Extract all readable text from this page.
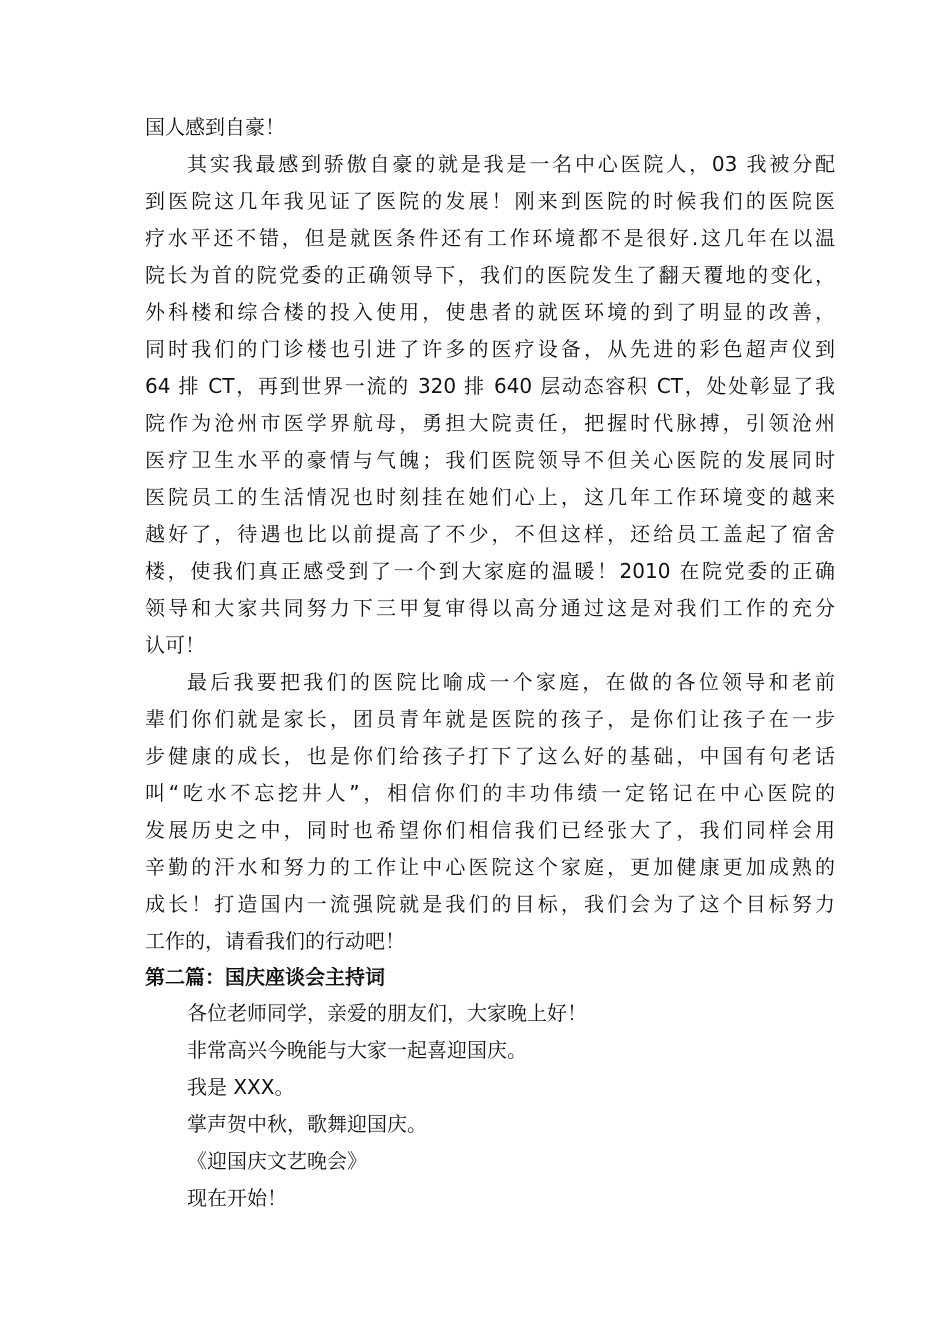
国人感到自豪！
其实我最感到骄傲自豪的就是我是一名中心医院人，03 我被分配
到医院这几年我见证了医院的发展！刚来到医院的时候我们的医院医
疗水平还不错，但是就医条件还有工作环境都不是很好.这几年在以温
院长为首的院党委的正确领导下，我们的医院发生了翻天覆地的变化，
外科楼和综合楼的投入使用，使患者的就医环境的到了明显的改善，
同时我们的门诊楼也引进了许多的医疗设备，从先进的彩色超声仪到
64 排 CT，再到世界一流的 320 排 640 层动态容积 CT，处处彰显了我
院作为沧州市医学界航母，勇担大院责任，把握时代脉搏，引领沧州
医疗卫生水平的豪情与气魄；我们医院领导不但关心医院的发展同时
医院员工的生活情况也时刻挂在她们心上，这几年工作环境变的越来
越好了，待遇也比以前提高了不少，不但这样，还给员工盖起了宿舍
楼，使我们真正感受到了一个到大家庭的温暖！2010 在院党委的正确
领导和大家共同努力下三甲复审得以高分通过这是对我们工作的充分
认可！
最后我要把我们的医院比喻成一个家庭，在做的各位领导和老前
辈们你们就是家长，团员青年就是医院的孩子，是你们让孩子在一步
步健康的成长，也是你们给孩子打下了这么好的基础，中国有句老话
叫“吃水不忘挖井人”，相信你们的丰功伟绩一定铭记在中心医院的
发展历史之中，同时也希望你们相信我们已经张大了，我们同样会用
辛勤的汗水和努力的工作让中心医院这个家庭，更加健康更加成熟的
成长！打造国内一流强院就是我们的目标，我们会为了这个目标努力
工作的，请看我们的行动吧！
第二篇：国庆座谈会主持词
各位老师同学，亲爱的朋友们，大家晚上好！
非常高兴今晚能与大家一起喜迎国庆。
我是 XXX。
掌声贺中秋，歌舞迎国庆。
《迎国庆文艺晚会》
现在开始！
